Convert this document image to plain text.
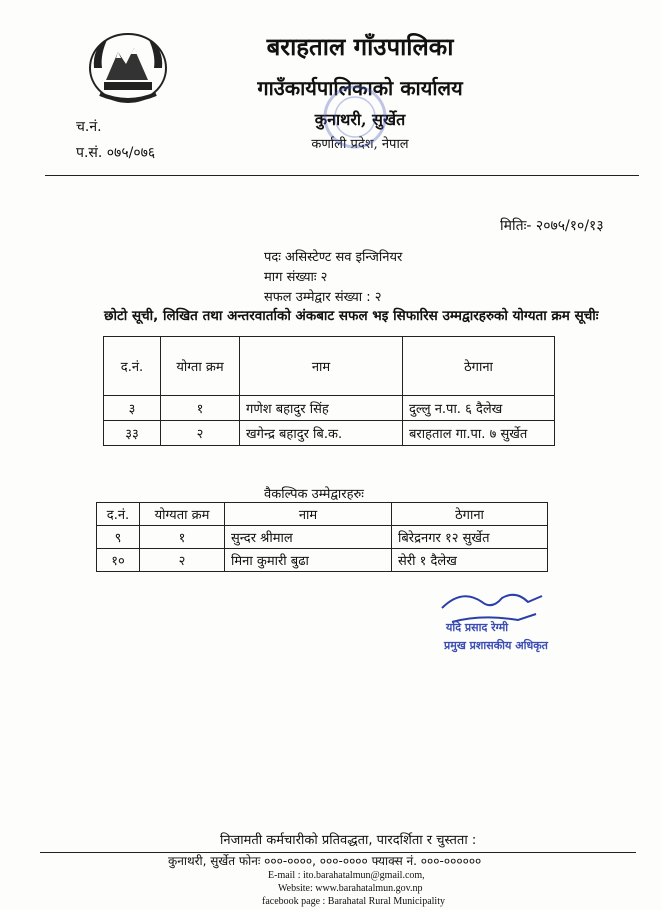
बराहताल गाँउपालिका
गाउँकार्यपालिकाको कार्यालय
कुनाथरी, सुर्खेत
कर्णाली प्रदेश, नेपाल
च.नं.
प.सं. ०७५/०७६
मितिः- २०७५/१०/१३
पदः असिस्टेण्ट सव इन्जिनियर
माग संख्याः २
सफल उम्मेद्वार संख्या : २
छोटो सूची, लिखित तथा अन्तरवार्ताको अंकबाट सफल भइ सिफारिस उम्मद्वारहरुको योग्यता क्रम सूचीः
द.नं.	योग्ता क्रम	नाम	ठेगाना
३	१	गणेश बहादुर सिंह	दुल्लु न.पा. ६ दैलेख
३३	२	खगेन्द्र बहादुर बि.क.	बराहताल गा.पा. ७ सुर्खेत
वैकल्पिक उम्मेद्वारहरुः
द.नं.	योग्यता क्रम	नाम	ठेगाना
९	१	सुन्दर श्रीमाल	बिरेद्रनगर १२ सुर्खेत
१०	२	मिना कुमारी बुढा	सेरी १ दैलेख
यदि प्रसाद रेग्मी
प्रमुख प्रशासकीय अधिकृत
निजामती कर्मचारीको प्रतिवद्धता, पारदर्शिता र चुस्तता :
कुनाथरी, सुर्खेत फोनः ०००-००००, ०००-०००० फ्याक्स नं. ०००-००००००
E-mail : ito.barahatalmun@gmail.com,
Website: www.barahatalmun.gov.np
facebook page : Barahatal Rural Municipality
